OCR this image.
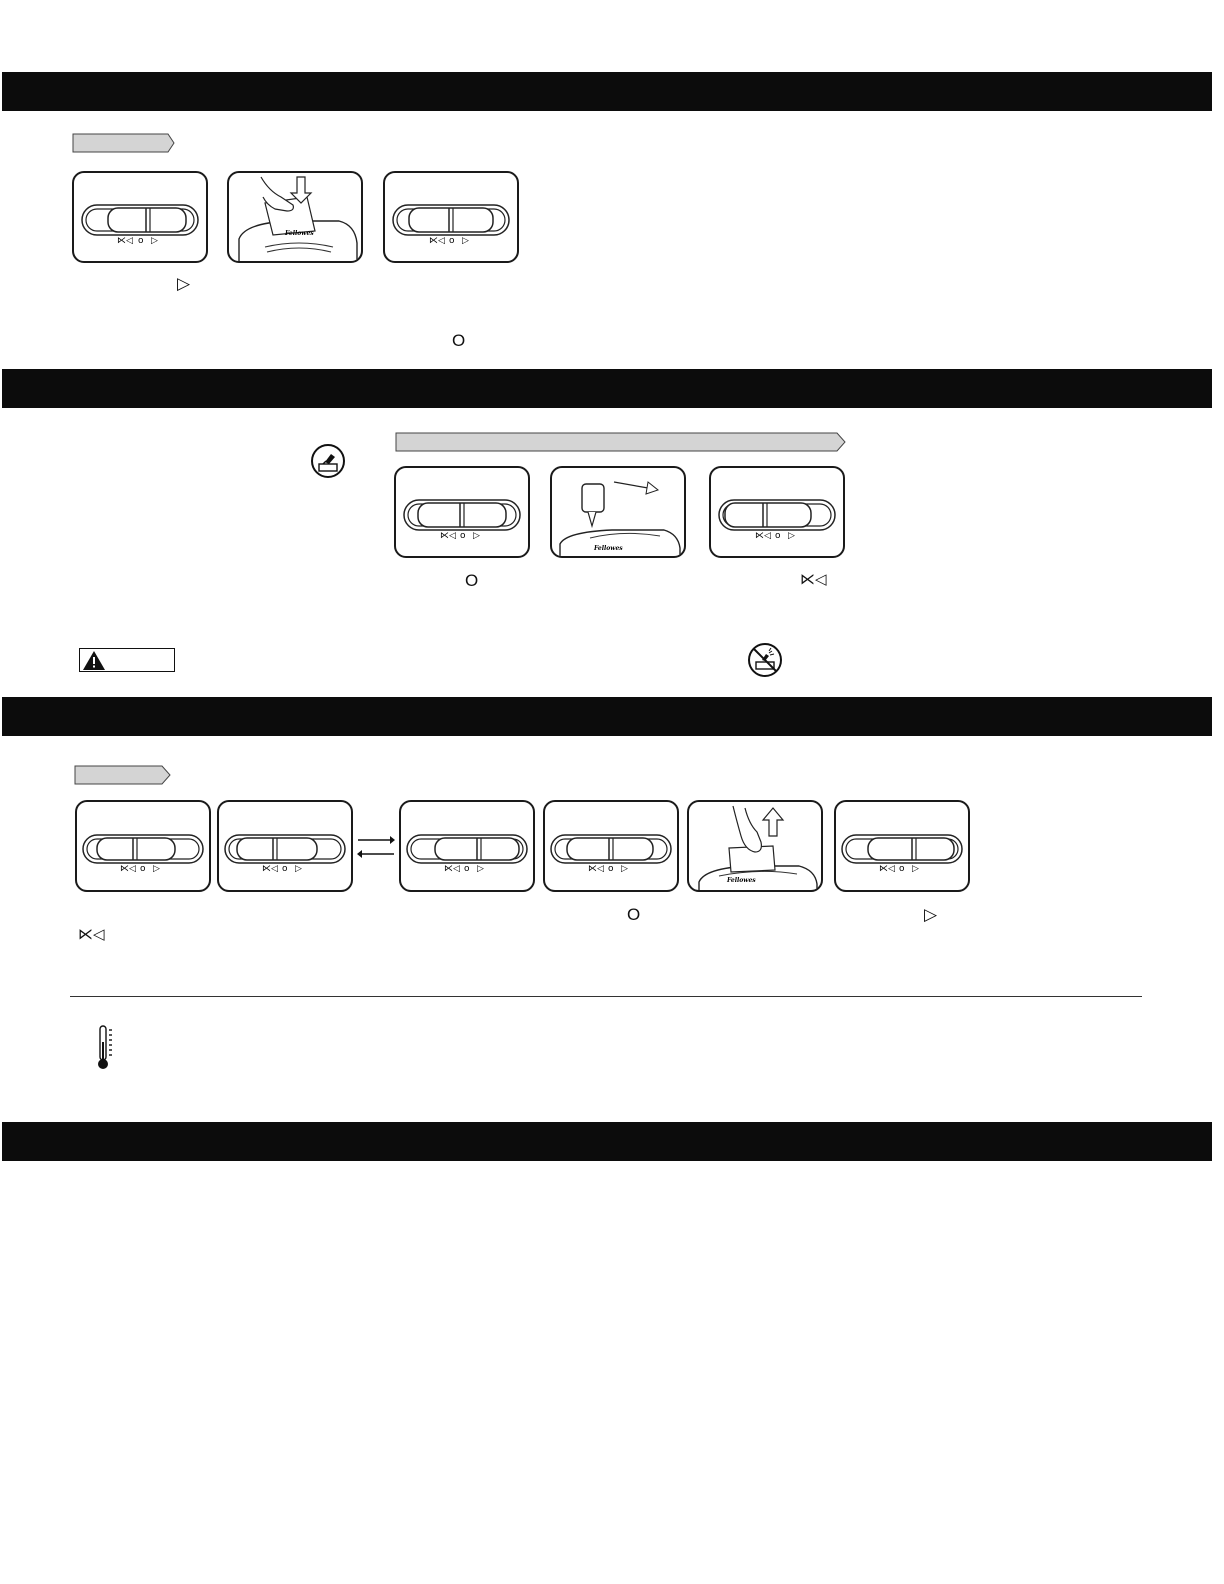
⋉◁ o ▷
Fellowes
⋉◁ o ▷
▷
O
⋉◁ o ▷
Fellowes
⋉◁ o ▷
O	⋉◁
⋉◁ o ▷	⋉◁ o ▷	⋉◁ o ▷	⋉◁ o ▷
Fellowes
⋉◁ o ▷
O	▷
⋉◁
